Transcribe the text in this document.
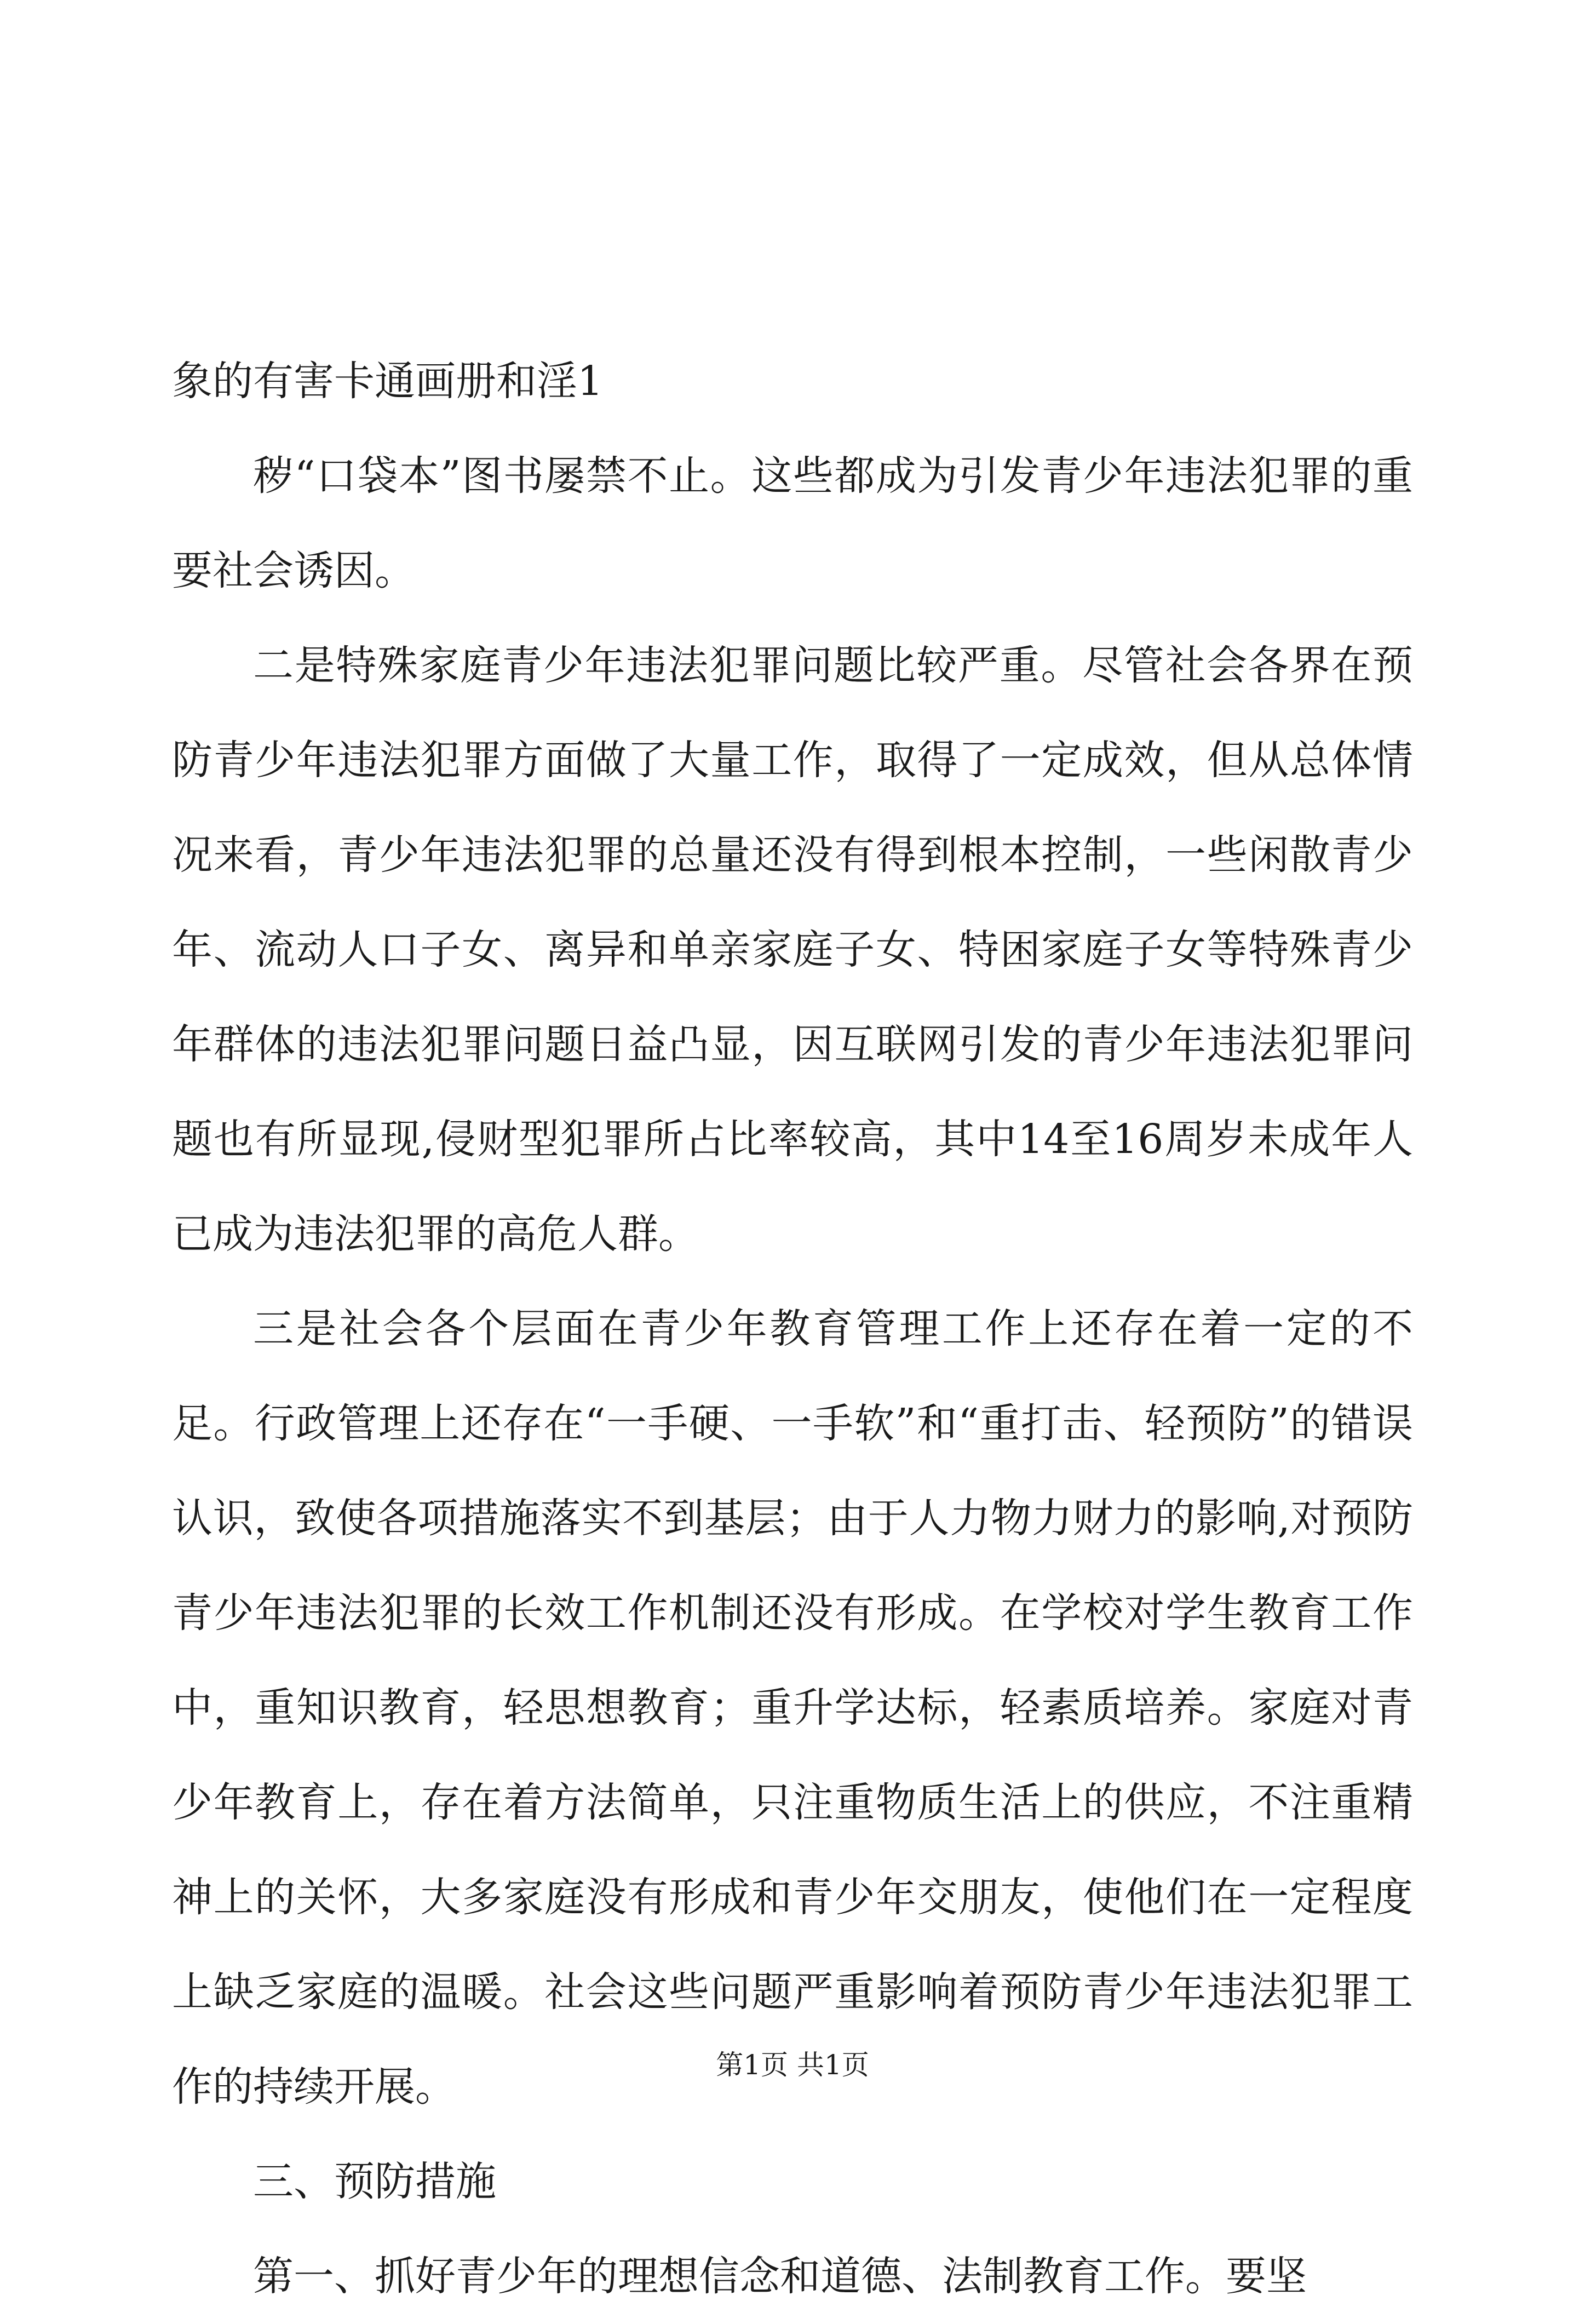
象的有害卡通画册和淫1

秽“口袋本”图书屡禁不止。这些都成为引发青少年违法犯罪的重要社会诱因。

二是特殊家庭青少年违法犯罪问题比较严重。尽管社会各界在预防青少年违法犯罪方面做了大量工作，取得了一定成效，但从总体情况来看，青少年违法犯罪的总量还没有得到根本控制，一些闲散青少年、流动人口子女、离异和单亲家庭子女、特困家庭子女等特殊青少年群体的违法犯罪问题日益凸显，因互联网引发的青少年违法犯罪问题也有所显现,侵财型犯罪所占比率较高，其中14至16周岁未成年人已成为违法犯罪的高危人群。

三是社会各个层面在青少年教育管理工作上还存在着一定的不足。行政管理上还存在“一手硬、一手软”和“重打击、轻预防”的错误认识，致使各项措施落实不到基层；由于人力物力财力的影响,对预防青少年违法犯罪的长效工作机制还没有形成。在学校对学生教育工作中，重知识教育，轻思想教育；重升学达标，轻素质培养。家庭对青少年教育上，存在着方法简单，只注重物质生活上的供应，不注重精神上的关怀，大多家庭没有形成和青少年交朋友，使他们在一定程度上缺乏家庭的温暖。社会这些问题严重影响着预防青少年违法犯罪工作的持续开展。

三、预防措施

第一、抓好青少年的理想信念和道德、法制教育工作。要坚

第1页 共1页
